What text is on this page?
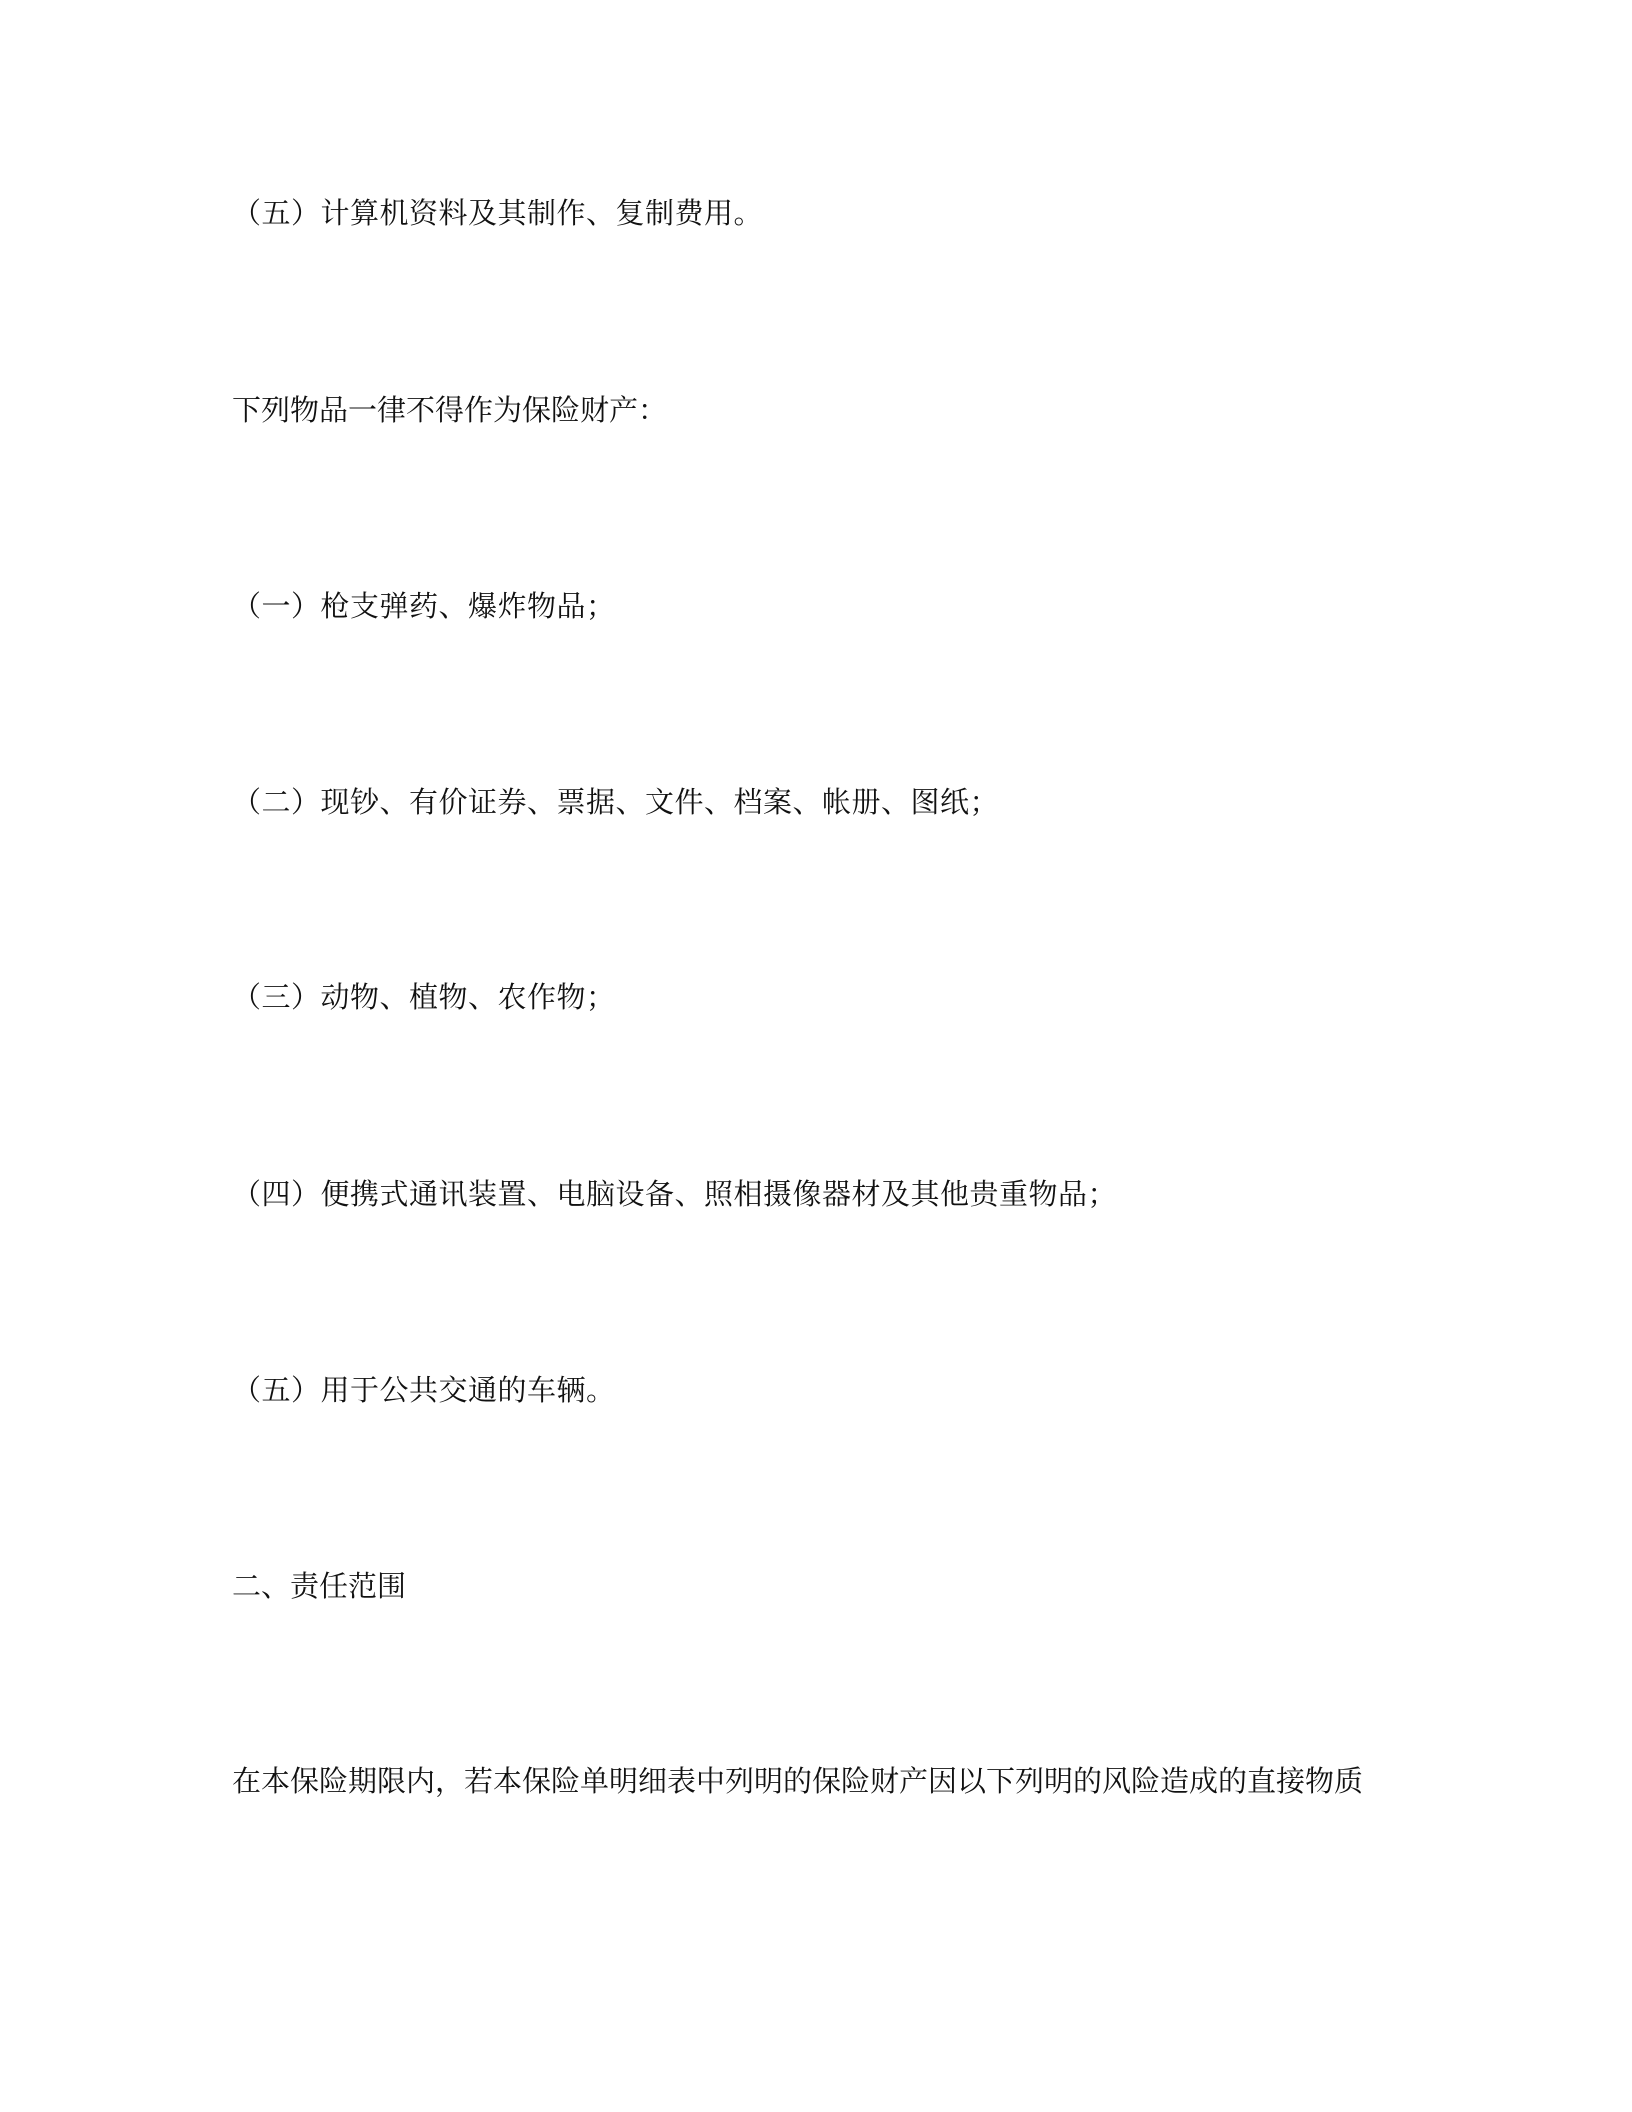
（五）计算机资料及其制作、复制费用。

下列物品一律不得作为保险财产：

（一）枪支弹药、爆炸物品；

（二）现钞、有价证券、票据、文件、档案、帐册、图纸；

（三）动物、植物、农作物；

（四）便携式通讯装置、电脑设备、照相摄像器材及其他贵重物品；

（五）用于公共交通的车辆。

二、责任范围

在本保险期限内，若本保险单明细表中列明的保险财产因以下列明的风险造成的直接物质
